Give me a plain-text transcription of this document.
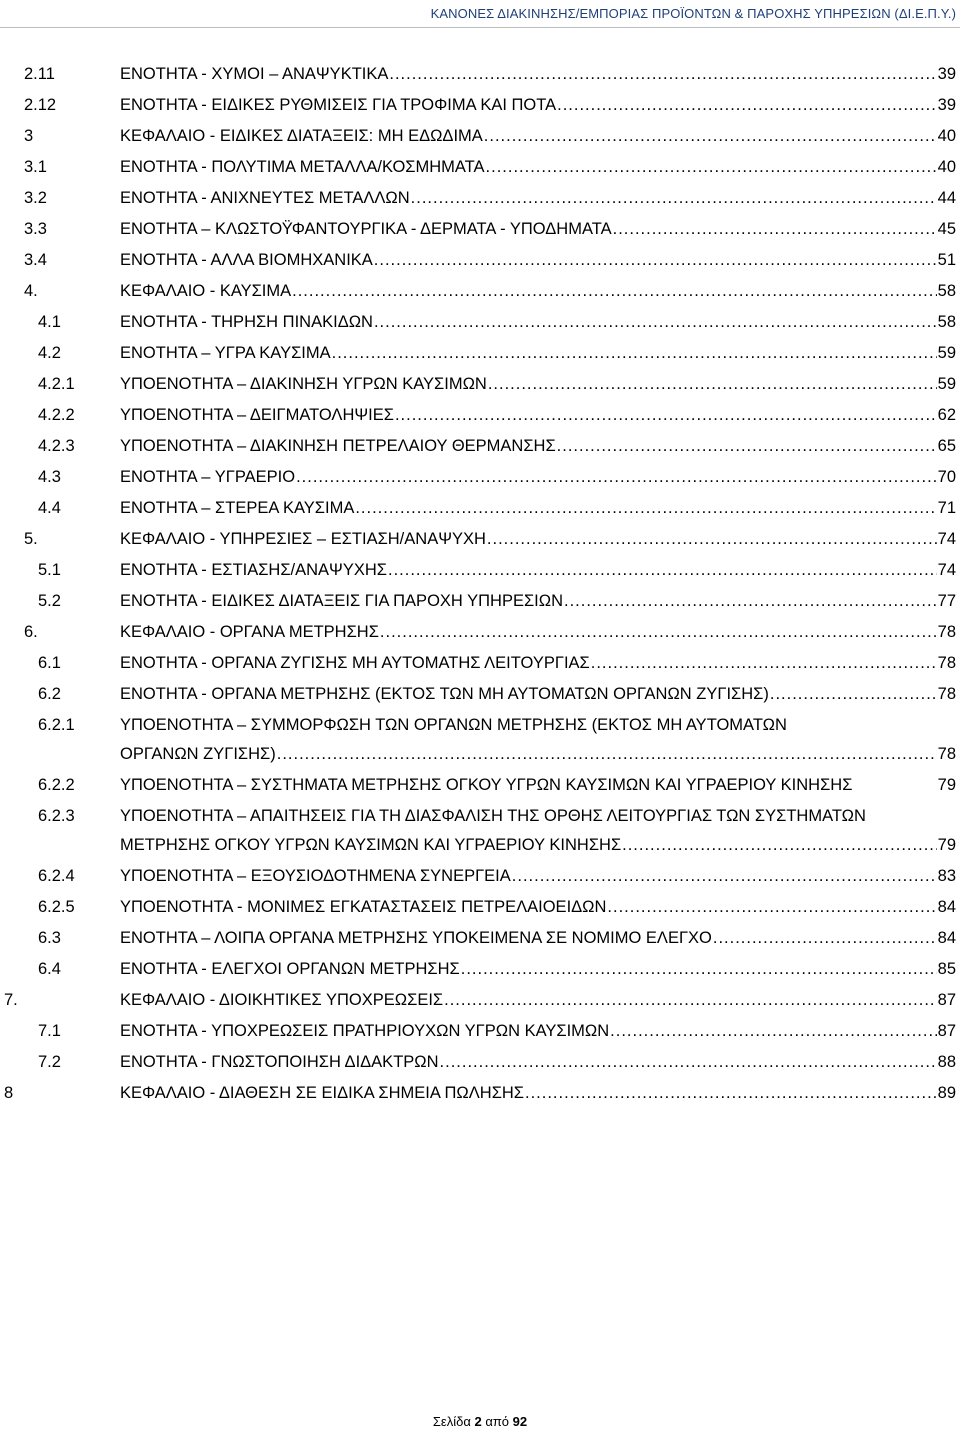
ΚΑΝΟΝΕΣ ΔΙΑΚΙΝΗΣΗΣ/ΕΜΠΟΡΙΑΣ ΠΡΟΪΟΝΤΩΝ & ΠΑΡΟΧΗΣ ΥΠΗΡΕΣΙΩΝ (ΔΙ.Ε.Π.Υ.)
2.11	ΕΝΟΤΗΤΑ - ΧΥΜΟΙ – ΑΝΑΨΥΚΤΙΚΑ .....	39
2.12	ΕΝΟΤΗΤΑ - ΕΙΔΙΚΕΣ ΡΥΘΜΙΣΕΙΣ ΓΙΑ ΤΡΟΦΙΜΑ ΚΑΙ ΠΟΤΑ .....	39
3	ΚΕΦΑΛΑΙΟ - ΕΙΔΙΚΕΣ ΔΙΑΤΑΞΕΙΣ: ΜΗ ΕΔΩΔΙΜΑ .....	40
3.1	ΕΝΟΤΗΤΑ - ΠΟΛΥΤΙΜΑ ΜΕΤΑΛΛΑ/ΚΟΣΜΗΜΑΤΑ .....	40
3.2	ΕΝΟΤΗΤΑ - ΑΝΙΧΝΕΥΤΕΣ ΜΕΤΑΛΛΩΝ .....	44
3.3	ΕΝΟΤΗΤΑ – ΚΛΩΣΤΟΫΦΑΝΤΟΥΡΓΙΚΑ - ΔΕΡΜΑΤΑ - ΥΠΟΔΗΜΑΤΑ .....	45
3.4	ΕΝΟΤΗΤΑ - ΑΛΛΑ ΒΙΟΜΗΧΑΝΙΚΑ .....	51
4.	ΚΕΦΑΛΑΙΟ - ΚΑΥΣΙΜΑ .....	58
4.1	ΕΝΟΤΗΤΑ - ΤΗΡΗΣΗ ΠΙΝΑΚΙΔΩΝ .....	58
4.2	ΕΝΟΤΗΤΑ – ΥΓΡΑ ΚΑΥΣΙΜΑ .....	59
4.2.1	ΥΠΟΕΝΟΤΗΤΑ – ΔΙΑΚΙΝΗΣΗ ΥΓΡΩΝ ΚΑΥΣΙΜΩΝ .....	59
4.2.2	ΥΠΟΕΝΟΤΗΤΑ – ΔΕΙΓΜΑΤΟΛΗΨΙΕΣ .....	62
4.2.3	ΥΠΟΕΝΟΤΗΤΑ – ΔΙΑΚΙΝΗΣΗ ΠΕΤΡΕΛΑΙΟΥ ΘΕΡΜΑΝΣΗΣ .....	65
4.3	ΕΝΟΤΗΤΑ – ΥΓΡΑΕΡΙΟ .....	70
4.4	ΕΝΟΤΗΤΑ – ΣΤΕΡΕΑ ΚΑΥΣΙΜΑ .....	71
5.	ΚΕΦΑΛΑΙΟ - ΥΠΗΡΕΣΙΕΣ – ΕΣΤΙΑΣΗ/ΑΝΑΨΥΧΗ .....	74
5.1	ΕΝΟΤΗΤΑ - ΕΣΤΙΑΣΗΣ/ΑΝΑΨΥΧΗΣ .....	74
5.2	ΕΝΟΤΗΤΑ - ΕΙΔΙΚΕΣ ΔΙΑΤΑΞΕΙΣ ΓΙΑ ΠΑΡΟΧΗ ΥΠΗΡΕΣΙΩΝ .....	77
6.	ΚΕΦΑΛΑΙΟ - ΟΡΓΑΝΑ ΜΕΤΡΗΣΗΣ .....	78
6.1	ΕΝΟΤΗΤΑ - ΟΡΓΑΝΑ ΖΥΓΙΣΗΣ ΜΗ ΑΥΤΟΜΑΤΗΣ ΛΕΙΤΟΥΡΓΙΑΣ .....	78
6.2	ΕΝΟΤΗΤΑ - ΟΡΓΑΝΑ ΜΕΤΡΗΣΗΣ (ΕΚΤΟΣ ΤΩΝ ΜΗ ΑΥΤΟΜΑΤΩΝ ΟΡΓΑΝΩΝ ΖΥΓΙΣΗΣ) .....	78
6.2.1	ΥΠΟΕΝΟΤΗΤΑ – ΣΥΜΜΟΡΦΩΣΗ ΤΩΝ ΟΡΓΑΝΩΝ ΜΕΤΡΗΣΗΣ (ΕΚΤΟΣ ΜΗ ΑΥΤΟΜΑΤΩΝ
ΟΡΓΑΝΩΝ ΖΥΓΙΣΗΣ) .....	78
6.2.2	ΥΠΟΕΝΟΤΗΤΑ – ΣΥΣΤΗΜΑΤΑ ΜΕΤΡΗΣΗΣ ΟΓΚΟΥ ΥΓΡΩΝ ΚΑΥΣΙΜΩΝ ΚΑΙ ΥΓΡΑΕΡΙΟΥ ΚΙΝΗΣΗΣ	79
6.2.3	ΥΠΟΕΝΟΤΗΤΑ – ΑΠΑΙΤΗΣΕΙΣ ΓΙΑ ΤΗ ΔΙΑΣΦΑΛΙΣΗ ΤΗΣ ΟΡΘΗΣ ΛΕΙΤΟΥΡΓΙΑΣ ΤΩΝ ΣΥΣΤΗΜΑΤΩΝ
ΜΕΤΡΗΣΗΣ ΟΓΚΟΥ ΥΓΡΩΝ ΚΑΥΣΙΜΩΝ ΚΑΙ ΥΓΡΑΕΡΙΟΥ ΚΙΝΗΣΗΣ .....	79
6.2.4	ΥΠΟΕΝΟΤΗΤΑ – ΕΞΟΥΣΙΟΔΟΤΗΜΕΝΑ ΣΥΝΕΡΓΕΙΑ .....	83
6.2.5	ΥΠΟΕΝΟΤΗΤΑ - ΜΟΝΙΜΕΣ ΕΓΚΑΤΑΣΤΑΣΕΙΣ ΠΕΤΡΕΛΑΙΟΕΙΔΩΝ .....	84
6.3	ΕΝΟΤΗΤΑ – ΛΟΙΠΑ ΟΡΓΑΝΑ ΜΕΤΡΗΣΗΣ ΥΠΟΚΕΙΜΕΝΑ ΣΕ ΝΟΜΙΜΟ ΕΛΕΓΧΟ .....	84
6.4	ΕΝΟΤΗΤΑ - ΕΛΕΓΧΟΙ ΟΡΓΑΝΩΝ ΜΕΤΡΗΣΗΣ .....	85
7.	ΚΕΦΑΛΑΙΟ - ΔΙΟΙΚΗΤΙΚΕΣ ΥΠΟΧΡΕΩΣΕΙΣ .....	87
7.1	ΕΝΟΤΗΤΑ - ΥΠΟΧΡΕΩΣΕΙΣ ΠΡΑΤΗΡΙΟΥΧΩΝ ΥΓΡΩΝ ΚΑΥΣΙΜΩΝ .....	87
7.2	ΕΝΟΤΗΤΑ - ΓΝΩΣΤΟΠΟΙΗΣΗ ΔΙΔΑΚΤΡΩΝ .....	88
8	ΚΕΦΑΛΑΙΟ - ΔΙΑΘΕΣΗ ΣΕ ΕΙΔΙΚΑ ΣΗΜΕΙΑ ΠΩΛΗΣΗΣ .....	89
Σελίδα 2 από 92
